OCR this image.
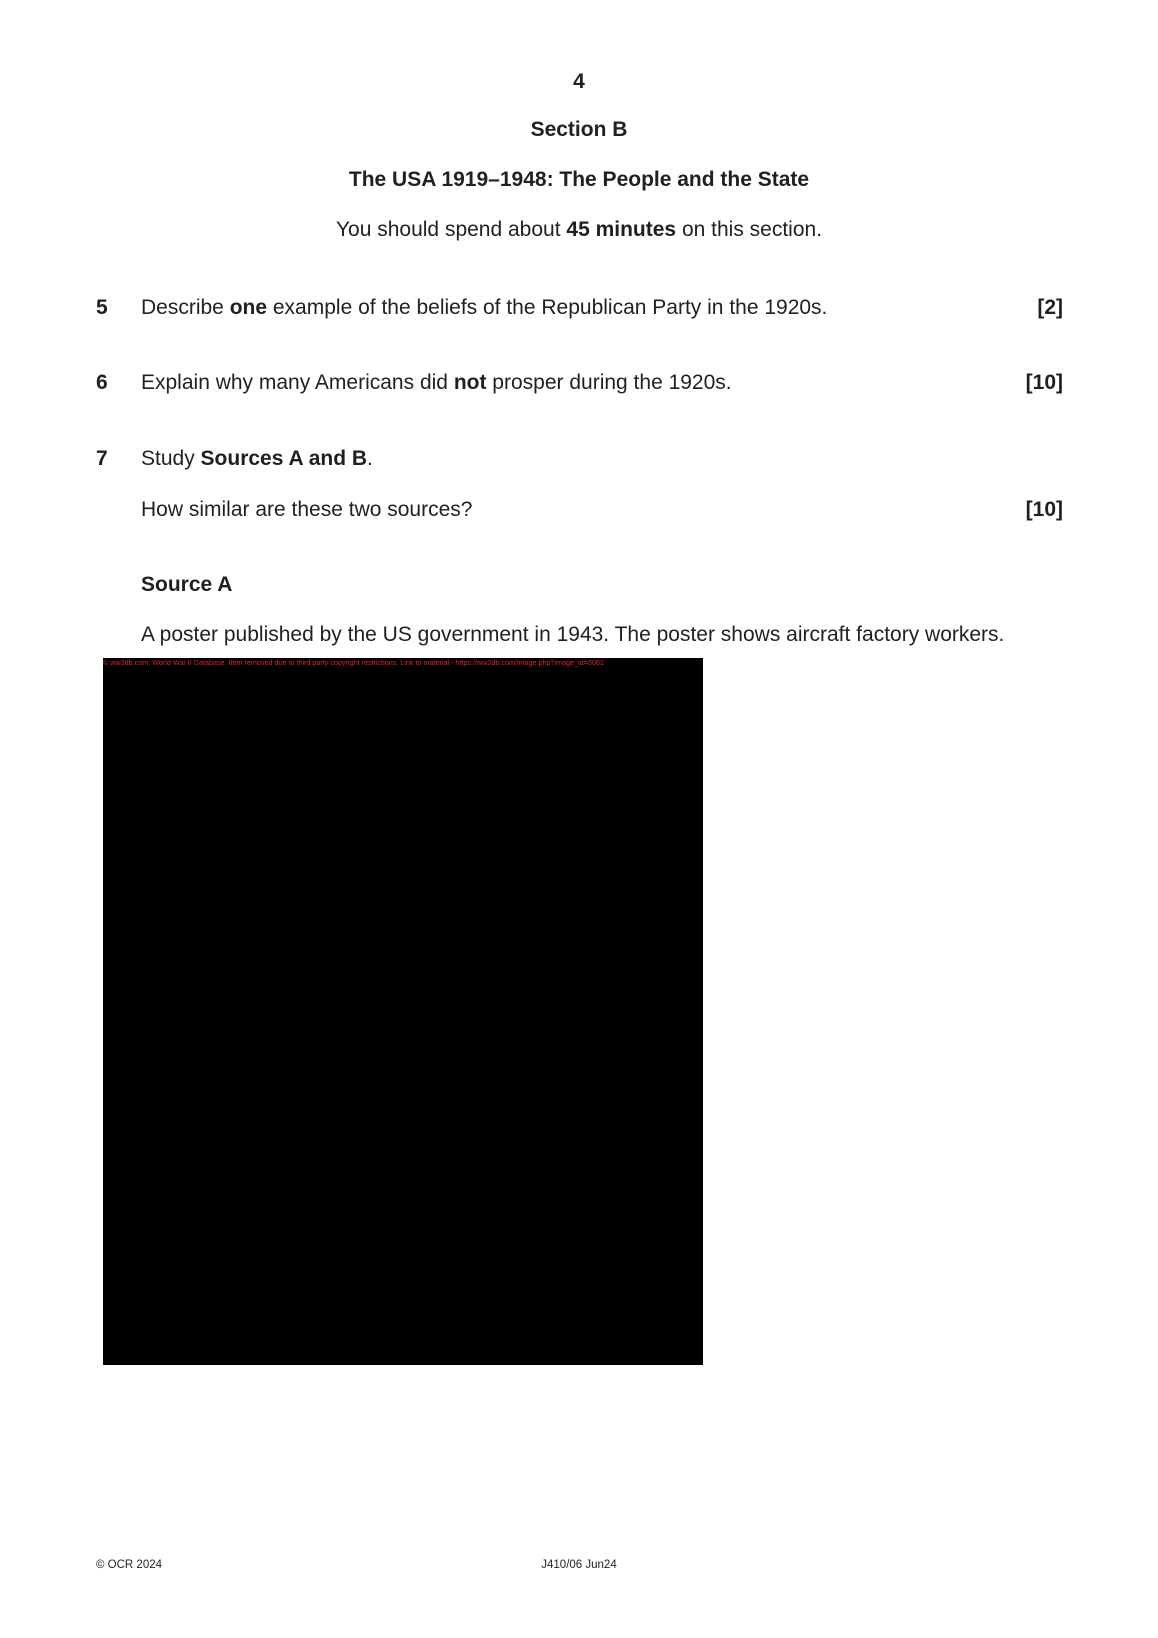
4
Section B
The USA 1919–1948: The People and the State
You should spend about 45 minutes on this section.
5 Describe one example of the beliefs of the Republican Party in the 1920s.	[2]
6 Explain why many Americans did not prosper during the 1920s.	[10]
7 Study Sources A and B.
How similar are these two sources?	[10]
Source A
A poster published by the US government in 1943. The poster shows aircraft factory workers.
© ww2db.com, World War II Database. Item removed due to third party copyright restrictions. Link to material - https://ww2db.com/image.php?image_id=6061
© OCR 2024	J410/06 Jun24
